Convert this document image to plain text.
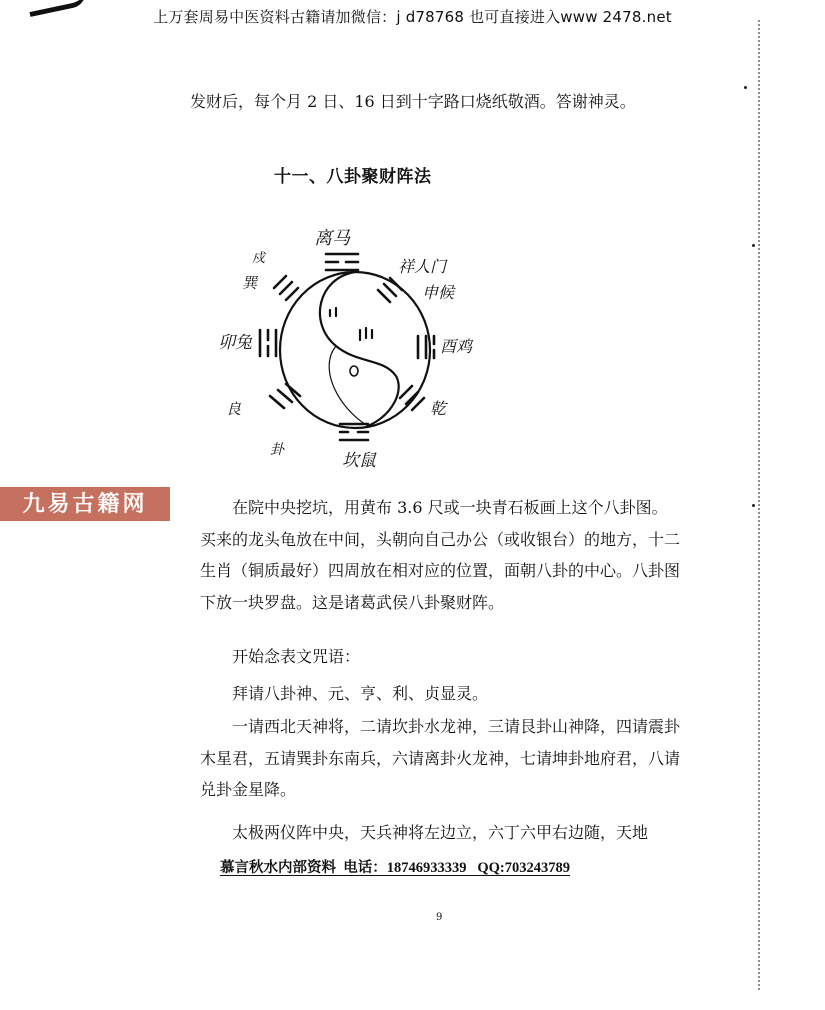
上万套周易中医资料古籍请加微信：j d78768 也可直接进入www 2478.net
发财后，每个月 2 日、16 日到十字路口烧纸敬酒。答谢神灵。
十一、八卦聚财阵法
离马
祥人门
申候
酉鸡
乾
坎鼠
卦
良
卯兔
巽
戍
九易古籍网	在院中央挖坑，用黄布 3.6 尺或一块青石板画上这个八卦图。买来的龙头龟放在中间，头朝向自己办公（或收银台）的地方，十二生肖（铜质最好）四周放在相对应的位置，面朝八卦的中心。八卦图下放一块罗盘。这是诸葛武侯八卦聚财阵。
开始念表文咒语：
拜请八卦神、元、亨、利、贞显灵。
一请西北天神将，二请坎卦水龙神，三请艮卦山神降，四请震卦木星君，五请巽卦东南兵，六请离卦火龙神，七请坤卦地府君，八请兑卦金星降。
太极两仪阵中央，天兵神将左边立，六丁六甲右边随，天地
慕言秋水内部资料  电话：18746933339   QQ:703243789
9
